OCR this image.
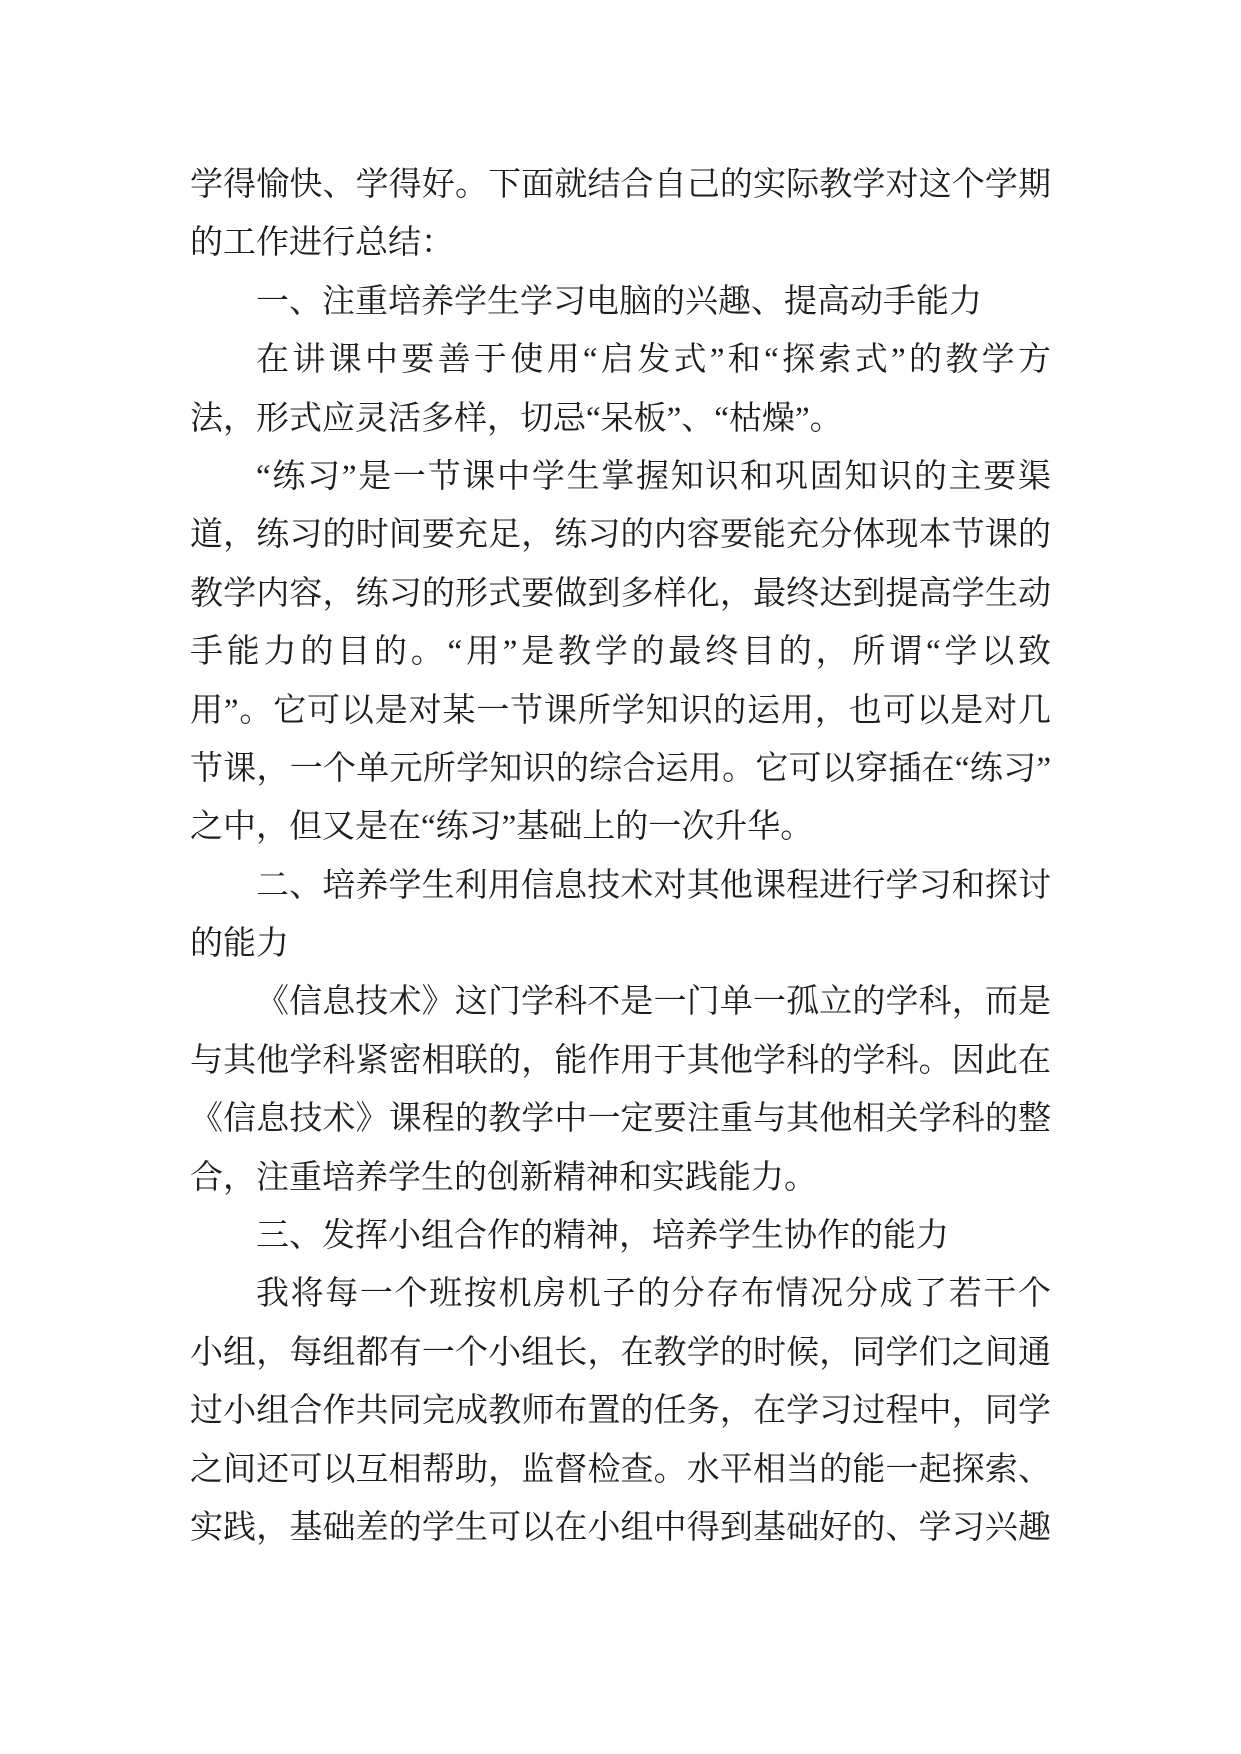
学得愉快、学得好。下面就结合自己的实际教学对这个学期
的工作进行总结：
一、注重培养学生学习电脑的兴趣、提高动手能力
在讲课中要善于使用“启发式”和“探索式”的教学方
法，形式应灵活多样，切忌“呆板”、“枯燥”。
“练习”是一节课中学生掌握知识和巩固知识的主要渠
道，练习的时间要充足，练习的内容要能充分体现本节课的
教学内容，练习的形式要做到多样化，最终达到提高学生动
手能力的目的。“用”是教学的最终目的，所谓“学以致
用”。它可以是对某一节课所学知识的运用，也可以是对几
节课，一个单元所学知识的综合运用。它可以穿插在“练习”
之中，但又是在“练习”基础上的一次升华。
二、培养学生利用信息技术对其他课程进行学习和探讨
的能力
《信息技术》这门学科不是一门单一孤立的学科，而是
与其他学科紧密相联的，能作用于其他学科的学科。因此在
《信息技术》课程的教学中一定要注重与其他相关学科的整
合，注重培养学生的创新精神和实践能力。
三、发挥小组合作的精神，培养学生协作的能力
我将每一个班按机房机子的分存布情况分成了若干个
小组，每组都有一个小组长，在教学的时候，同学们之间通
过小组合作共同完成教师布置的任务，在学习过程中，同学
之间还可以互相帮助，监督检查。水平相当的能一起探索、
实践，基础差的学生可以在小组中得到基础好的、学习兴趣
